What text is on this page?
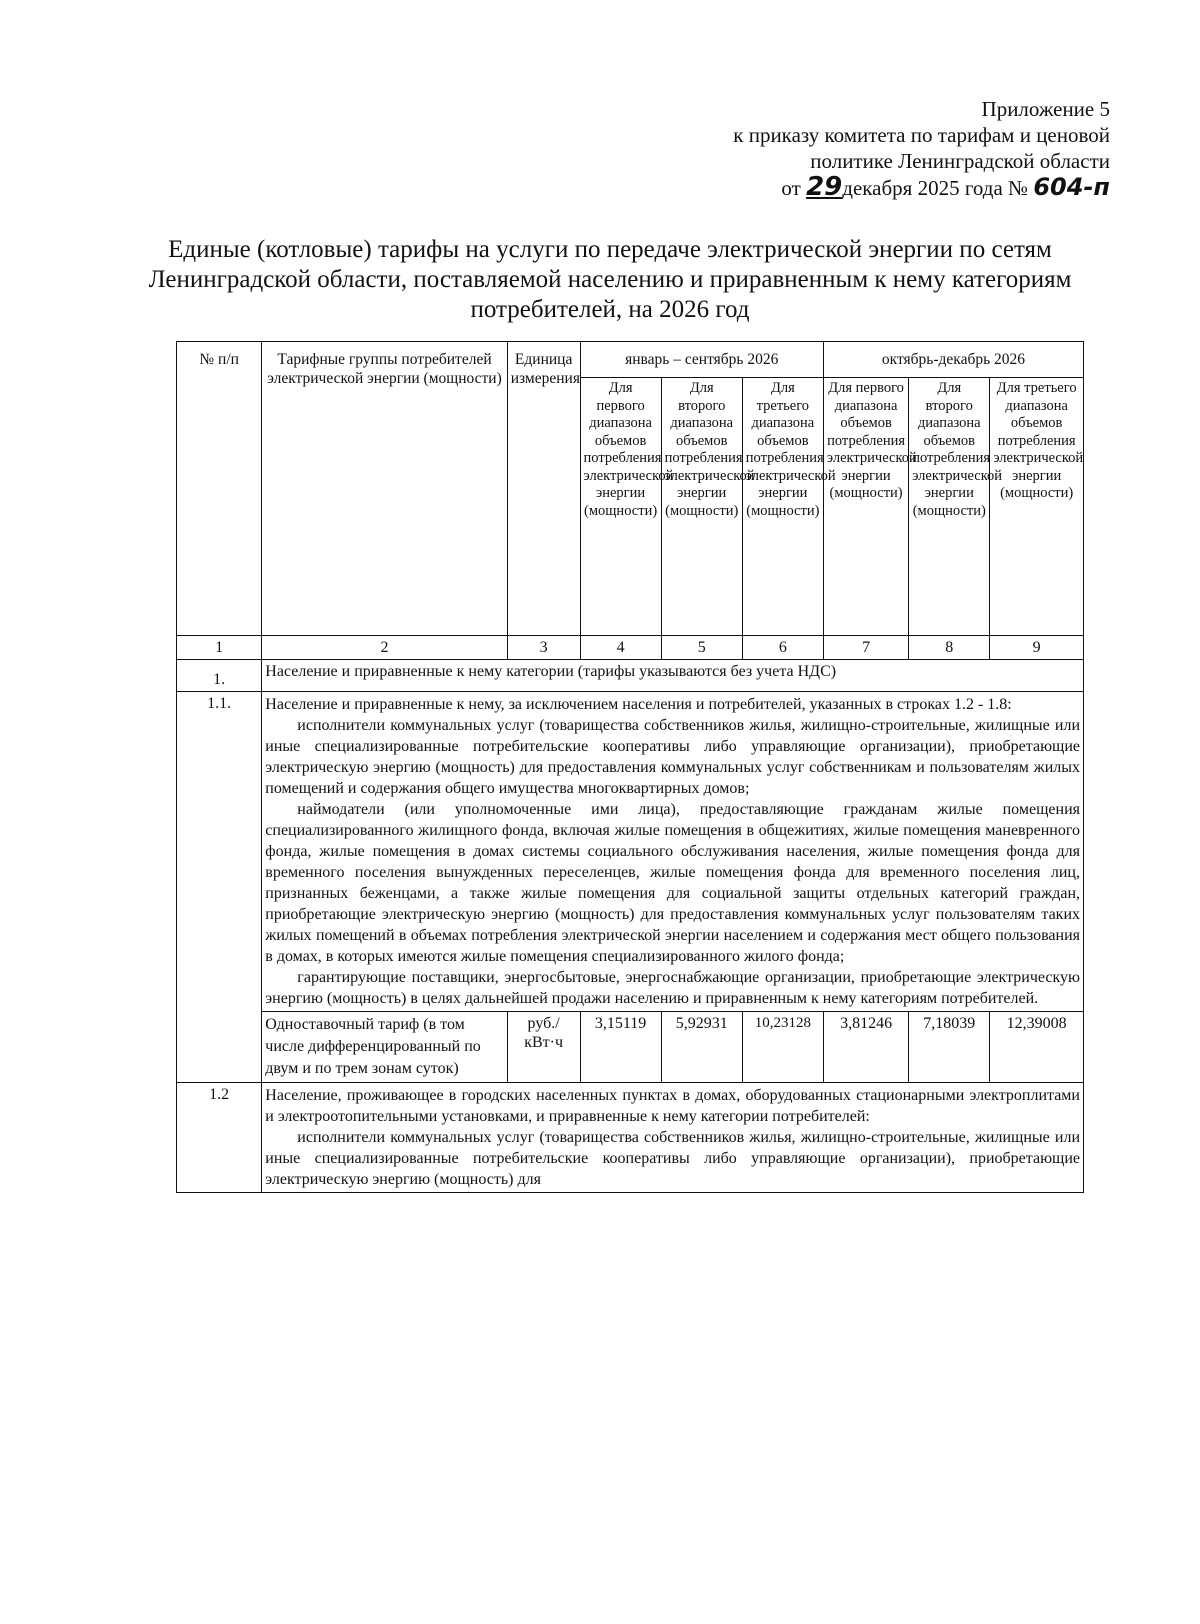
Приложение 5
к приказу комитета по тарифам и ценовой
политике Ленинградской области
от 29декабря 2025 года № 604-п
Единые (котловые) тарифы на услуги по передаче электрической энергии по сетям Ленинградской области, поставляемой населению и приравненным к нему категориям потребителей, на 2026 год
№ п/п	Тарифные группы потребителей электрической энергии (мощности)	Единица измерения	январь – сентябрь 2026			октябрь-декабрь 2026		
			Для первого диапазона объемов потребления электрической энергии (мощности)	Для второго диапазона объемов потребления электрической энергии (мощности)	Для третьего диапазона объемов потребления электрической энергии (мощности)	Для первого диапазона объемов потребления электрической энергии (мощности)	Для второго диапазона объемов потребления электрической энергии (мощности)	Для третьего диапазона объемов потребления электрической энергии (мощности)
1	2	3	4	5	6	7	8	9
1.	Население и приравненные к нему категории (тарифы указываются без учета НДС)							
1.1.	Население и приравненные к нему, за исключением населения и потребителей, указанных в строках 1.2 - 1.8:

исполнители коммунальных услуг (товарищества собственников жилья, жилищно-строительные, жилищные или иные специализированные потребительские кооперативы либо управляющие организации), приобретающие электрическую энергию (мощность) для предоставления коммунальных услуг собственникам и пользователям жилых помещений и содержания общего имущества многоквартирных домов;

наймодатели (или уполномоченные ими лица), предоставляющие гражданам жилые помещения специализированного жилищного фонда, включая жилые помещения в общежитиях, жилые помещения маневренного фонда, жилые помещения в домах системы социального обслуживания населения, жилые помещения фонда для временного поселения вынужденных переселенцев, жилые помещения фонда для временного поселения лиц, признанных беженцами, а также жилые помещения для социальной защиты отдельных категорий граждан, приобретающие электрическую энергию (мощность) для предоставления коммунальных услуг пользователям таких жилых помещений в объемах потребления электрической энергии населением и содержания мест общего пользования в домах, в которых имеются жилые помещения специализированного жилого фонда;

гарантирующие поставщики, энергосбытовые, энергоснабжающие организации, приобретающие электрическую энергию (мощность) в целях дальнейшей продажи населению и приравненным к нему категориям потребителей.							

	Одноставочный тариф (в том числе дифференцированный по двум и по трем зонам суток)	руб./ кВт·ч	3,15119	5,92931	10,23128	3,81246	7,18039	12,39008
1.2	Население, проживающее в городских населенных пунктах в домах, оборудованных стационарными электроплитами и электроотопительными установками, и приравненные к нему категории потребителей:

исполнители коммунальных услуг (товарищества собственников жилья, жилищно-строительные, жилищные или иные специализированные потребительские кооперативы либо управляющие организации), приобретающие электрическую энергию (мощность) для							
